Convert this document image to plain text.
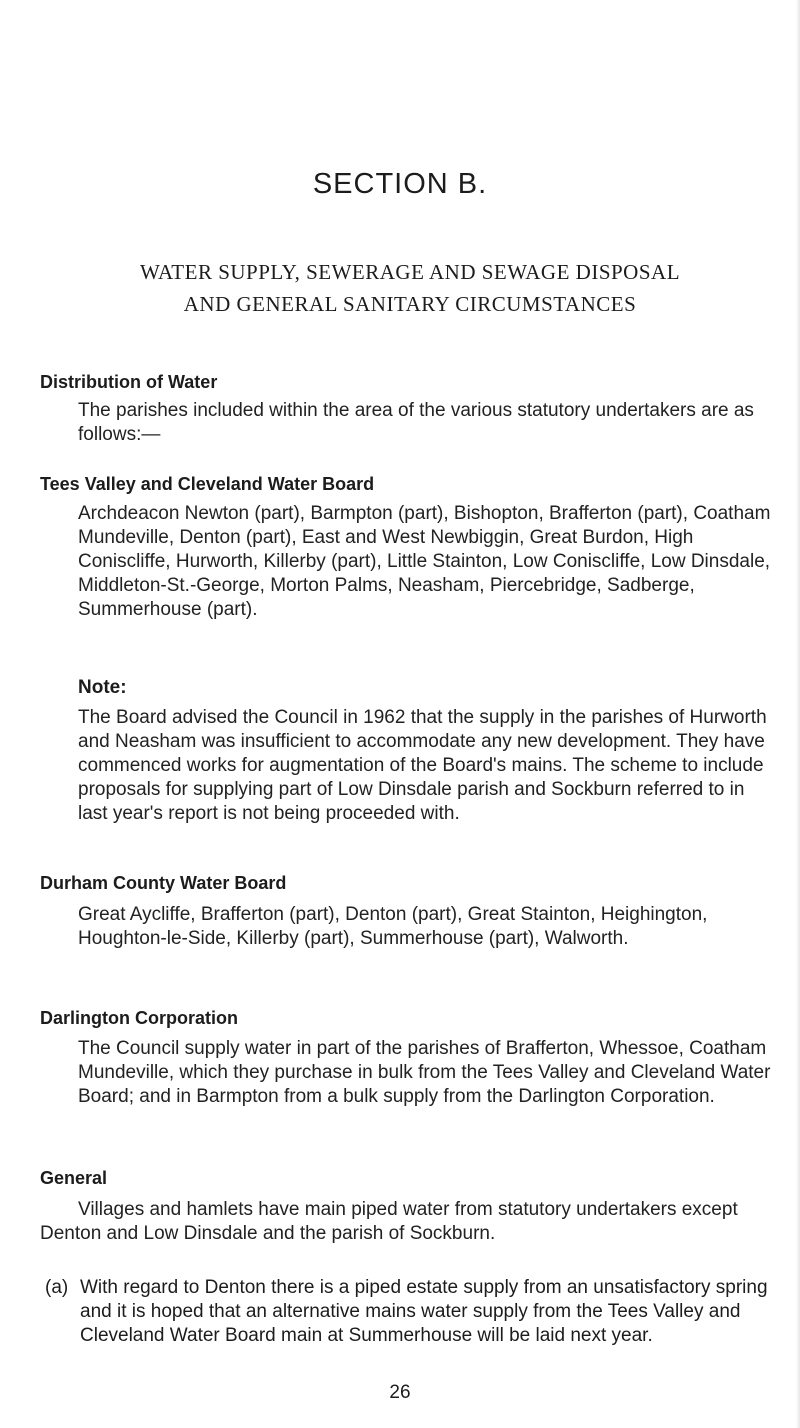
SECTION B.
WATER SUPPLY, SEWERAGE AND SEWAGE DISPOSAL
AND GENERAL SANITARY CIRCUMSTANCES
Distribution of Water

The parishes included within the area of the various statutory undertakers are as follows:—

Tees Valley and Cleveland Water Board

Archdeacon Newton (part), Barmpton (part), Bishopton, Brafferton (part), Coatham Mundeville, Denton (part), East and West Newbiggin, Great Burdon, High Coniscliffe, Hurworth, Killerby (part), Little Stainton, Low Coniscliffe, Low Dinsdale, Middleton-St.-George, Morton Palms, Neasham, Piercebridge, Sadberge, Summerhouse (part).

Note:

The Board advised the Council in 1962 that the supply in the parishes of Hurworth and Neasham was insufficient to accommodate any new development. They have commenced works for augmentation of the Board's mains. The scheme to include proposals for supplying part of Low Dinsdale parish and Sockburn referred to in last year's report is not being proceeded with.

Durham County Water Board

Great Aycliffe, Brafferton (part), Denton (part), Great Stainton, Heighington, Houghton-le-Side, Killerby (part), Summerhouse (part), Walworth.

Darlington Corporation

The Council supply water in part of the parishes of Brafferton, Whessoe, Coatham Mundeville, which they purchase in bulk from the Tees Valley and Cleveland Water Board; and in Barmpton from a bulk supply from the Darlington Corporation.

General

Villages and hamlets have main piped water from statutory undertakers except Denton and Low Dinsdale and the parish of Sockburn.

(a) With regard to Denton there is a piped estate supply from an unsatisfactory spring and it is hoped that an alternative mains water supply from the Tees Valley and Cleveland Water Board main at Summerhouse will be laid next year.

26
